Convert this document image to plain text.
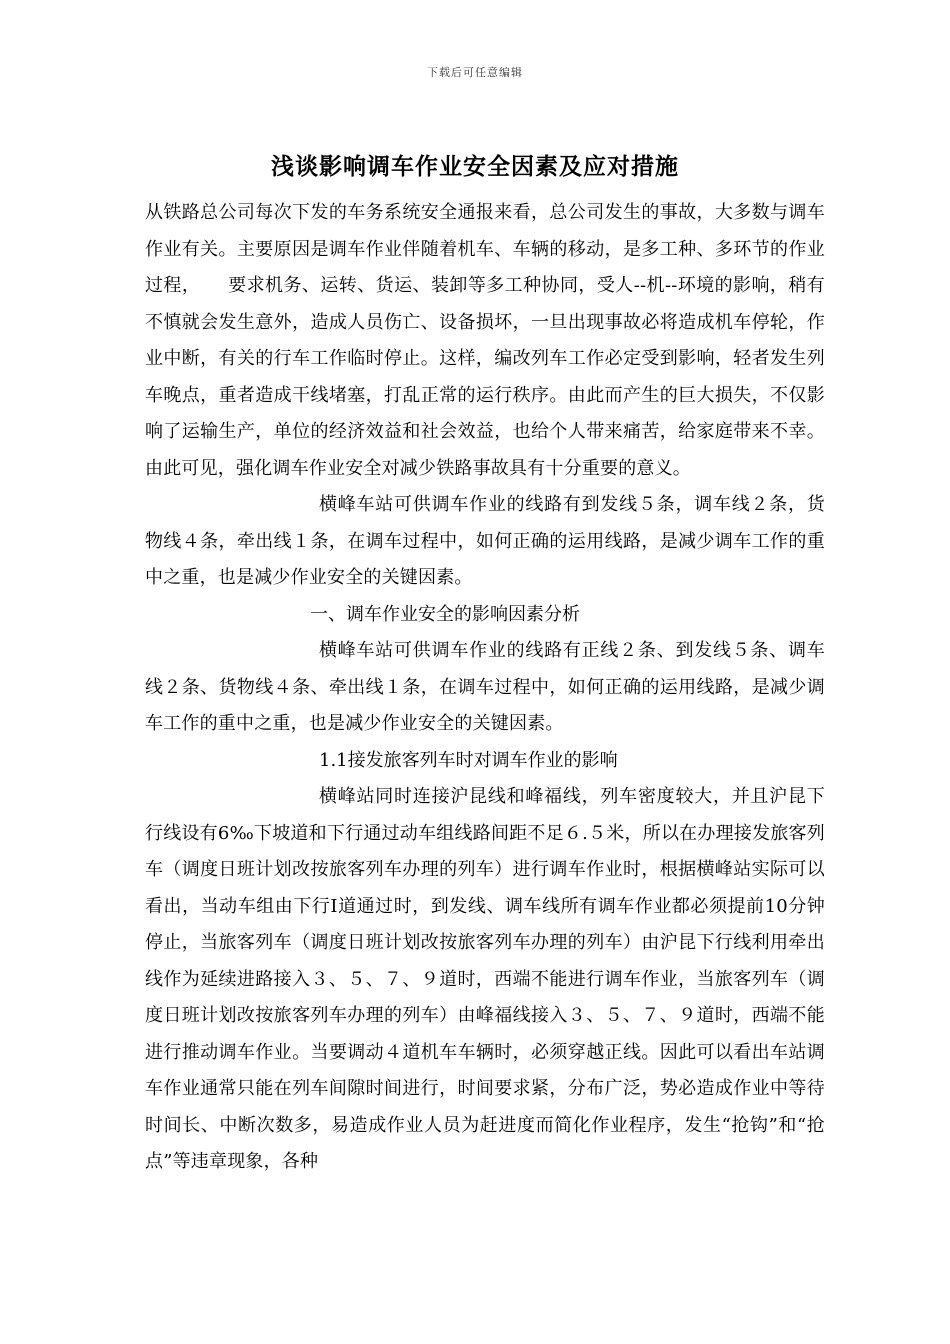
下载后可任意编辑
浅谈影响调车作业安全因素及应对措施

从铁路总公司每次下发的车务系统安全通报来看，总公司发生的事故，大多数与调车作业有关。主要原因是调车作业伴随着机车、车辆的移动，是多工种、多环节的作业过程，　　要求机务、运转、货运、装卸等多工种协同，受人--机--环境的影响，稍有不慎就会发生意外，造成人员伤亡、设备损坏，一旦出现事故必将造成机车停轮，作业中断，有关的行车工作临时停止。这样，编改列车工作必定受到影响，轻者发生列车晚点，重者造成干线堵塞，打乱正常的运行秩序。由此而产生的巨大损失，不仅影响了运输生产，单位的经济效益和社会效益，也给个人带来痛苦，给家庭带来不幸。由此可见，强化调车作业安全对减少铁路事故具有十分重要的意义。

横峰车站可供调车作业的线路有到发线５条，调车线２条，货物线４条，牵出线１条，在调车过程中，如何正确的运用线路，是减少调车工作的重中之重，也是减少作业安全的关键因素。

一、调车作业安全的影响因素分析

横峰车站可供调车作业的线路有正线２条、到发线５条、调车线２条、货物线４条、牵出线１条，在调车过程中，如何正确的运用线路，是减少调车工作的重中之重，也是减少作业安全的关键因素。

1.1接发旅客列车时对调车作业的影响

横峰站同时连接沪昆线和峰福线，列车密度较大，并且沪昆下行线设有6‰下坡道和下行通过动车组线路间距不足６.５米，所以在办理接发旅客列车（调度日班计划改按旅客列车办理的列车）进行调车作业时，根据横峰站实际可以看出，当动车组由下行Ⅰ道通过时，到发线、调车线所有调车作业都必须提前10分钟停止，当旅客列车（调度日班计划改按旅客列车办理的列车）由沪昆下行线利用牵出线作为延续进路接入３、５、７、９道时，西端不能进行调车作业，当旅客列车（调度日班计划改按旅客列车办理的列车）由峰福线接入３、５、７、９道时，西端不能进行推动调车作业。当要调动４道机车车辆时，必须穿越正线。因此可以看出车站调车作业通常只能在列车间隙时间进行，时间要求紧，分布广泛，势必造成作业中等待时间长、中断次数多，易造成作业人员为赶进度而简化作业程序，发生“抢钩”和“抢点”等违章现象，各种
